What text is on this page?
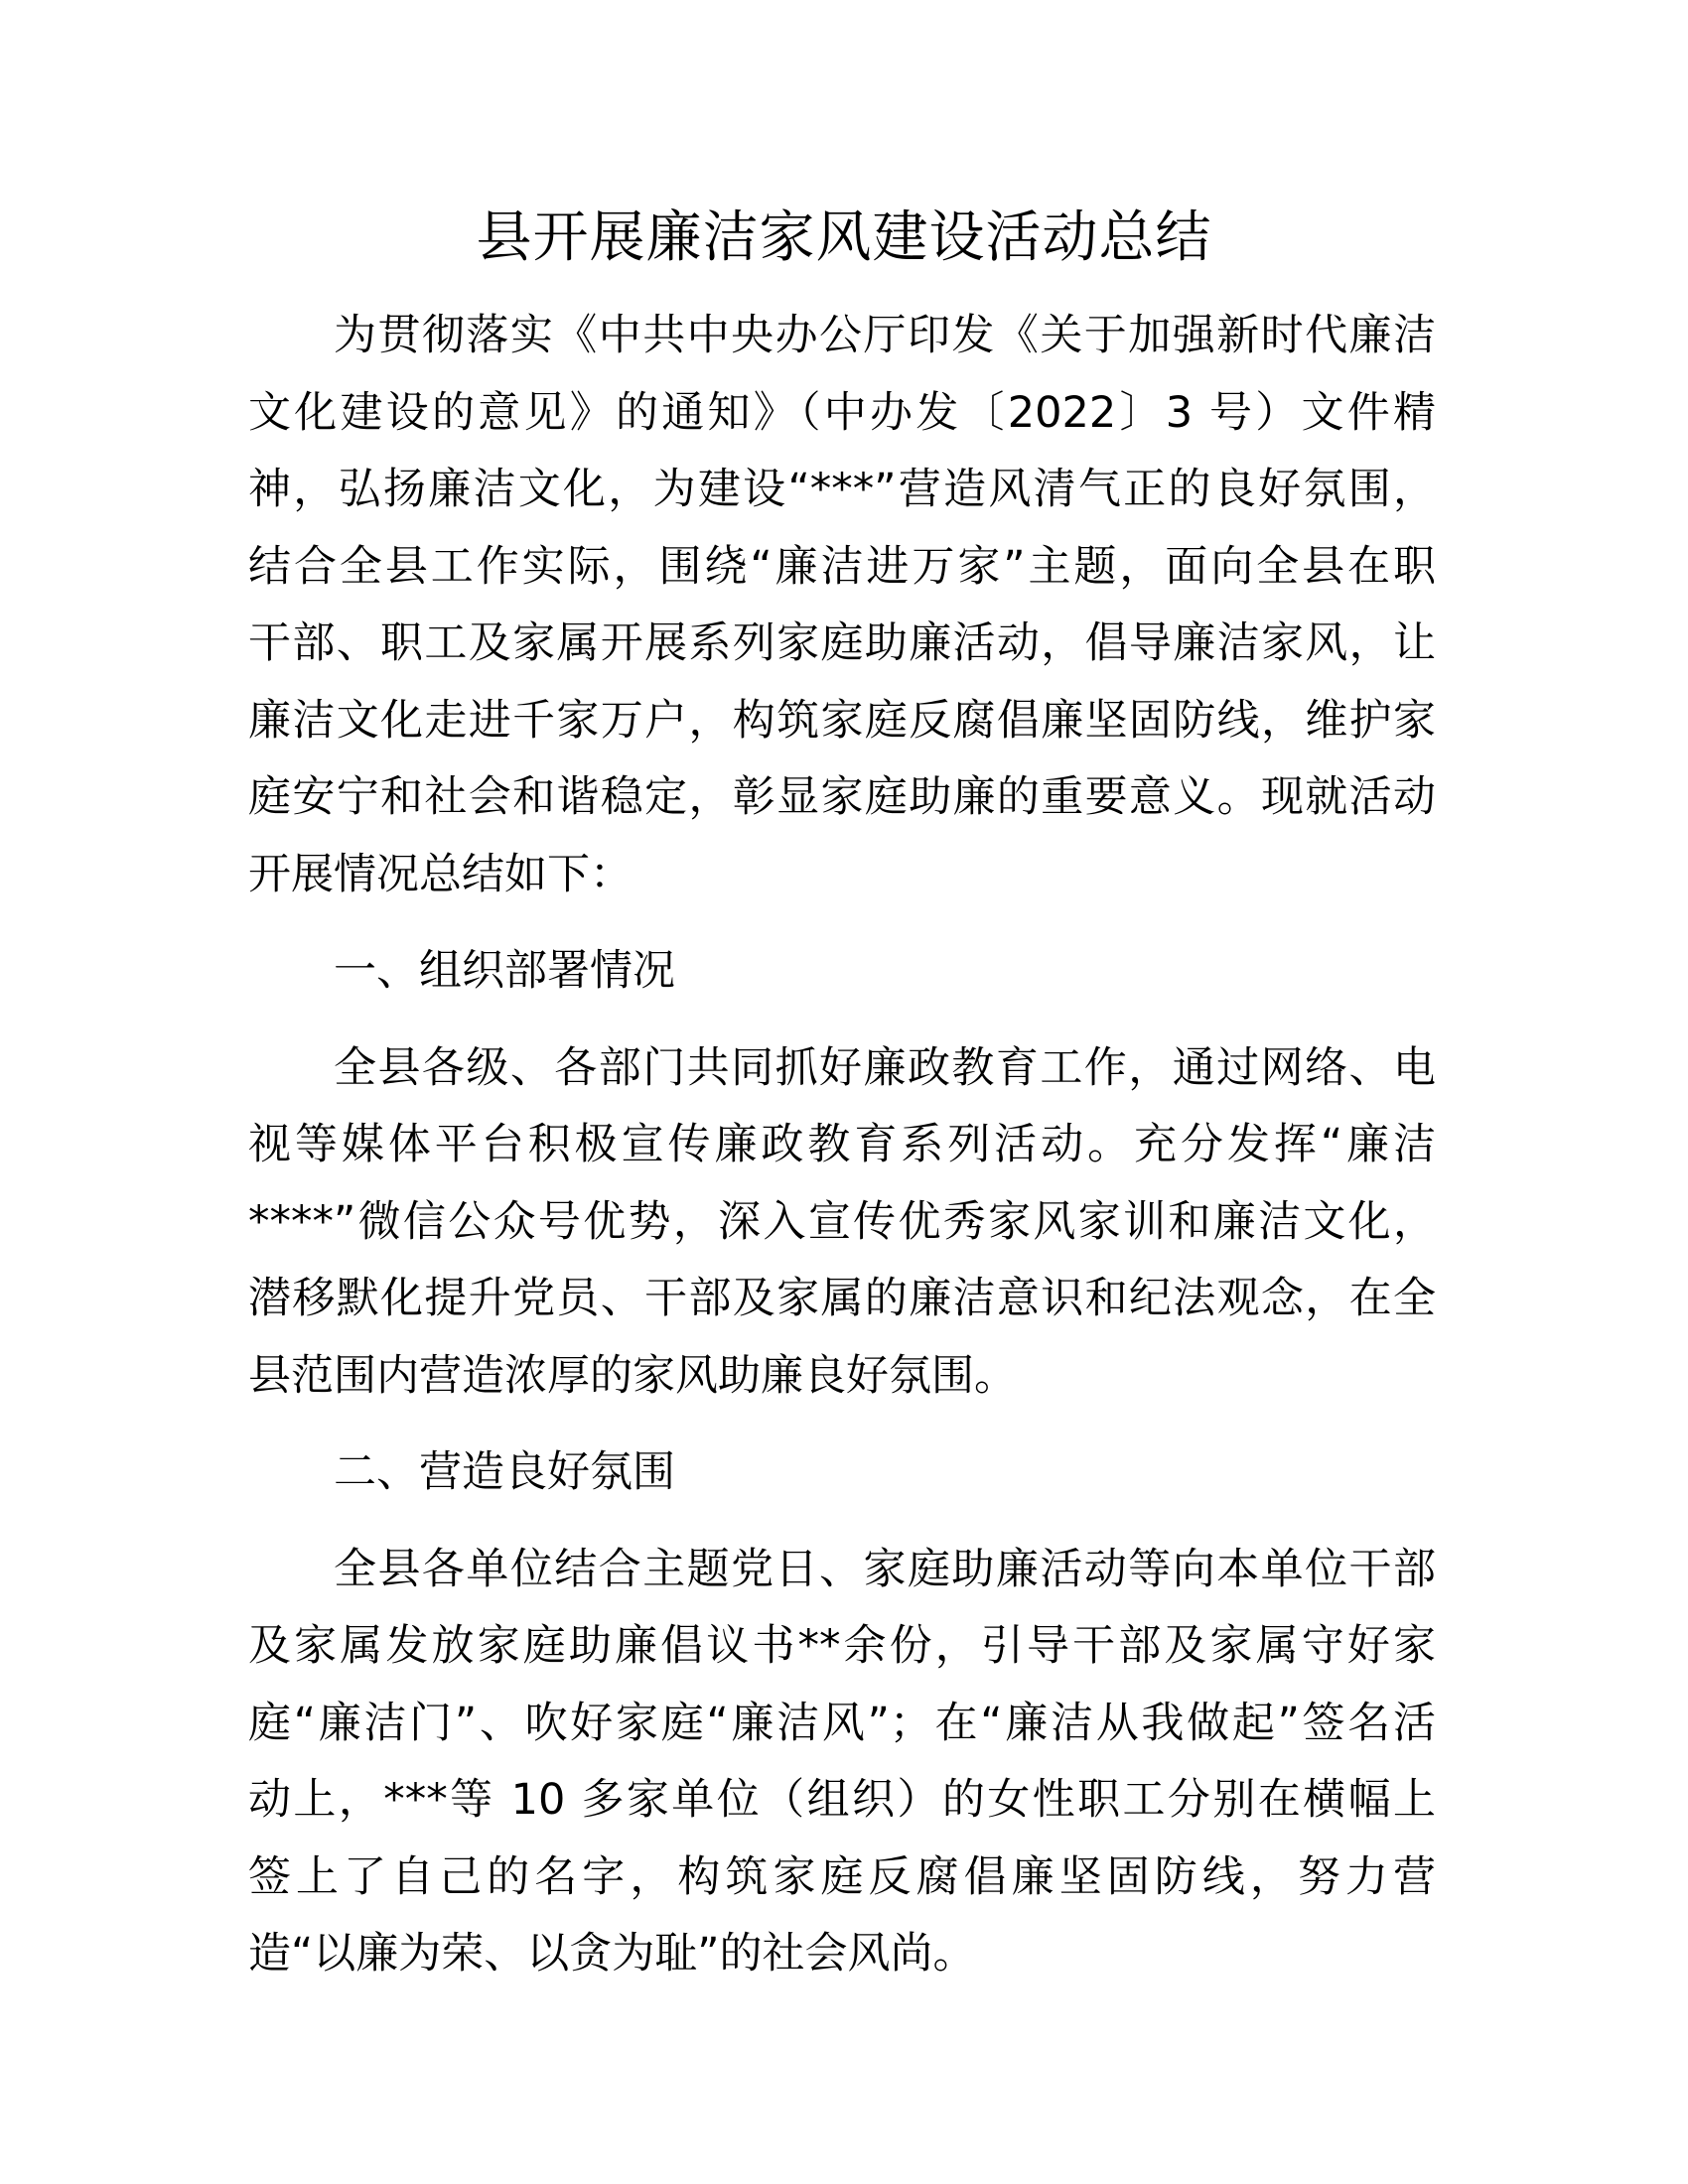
县开展廉洁家风建设活动总结
为贯彻落实《中共中央办公厅印发《关于加强新时代廉洁
文化建设的意见》的通知》（中办发〔2022〕3 号）文件精
神，弘扬廉洁文化，为建设“***”营造风清气正的良好氛围，
结合全县工作实际，围绕“廉洁进万家”主题，面向全县在职
干部、职工及家属开展系列家庭助廉活动，倡导廉洁家风，让
廉洁文化走进千家万户，构筑家庭反腐倡廉坚固防线，维护家
庭安宁和社会和谐稳定，彰显家庭助廉的重要意义。现就活动
开展情况总结如下：
一、组织部署情况
全县各级、各部门共同抓好廉政教育工作，通过网络、电
视等媒体平台积极宣传廉政教育系列活动。充分发挥“廉洁
****”微信公众号优势，深入宣传优秀家风家训和廉洁文化，
潜移默化提升党员、干部及家属的廉洁意识和纪法观念，在全
县范围内营造浓厚的家风助廉良好氛围。
二、营造良好氛围
全县各单位结合主题党日、家庭助廉活动等向本单位干部
及家属发放家庭助廉倡议书**余份，引导干部及家属守好家
庭“廉洁门”、吹好家庭“廉洁风”；在“廉洁从我做起”签名活
动上，***等 10 多家单位（组织）的女性职工分别在横幅上
签上了自己的名字，构筑家庭反腐倡廉坚固防线，努力营
造“以廉为荣、以贪为耻”的社会风尚。
